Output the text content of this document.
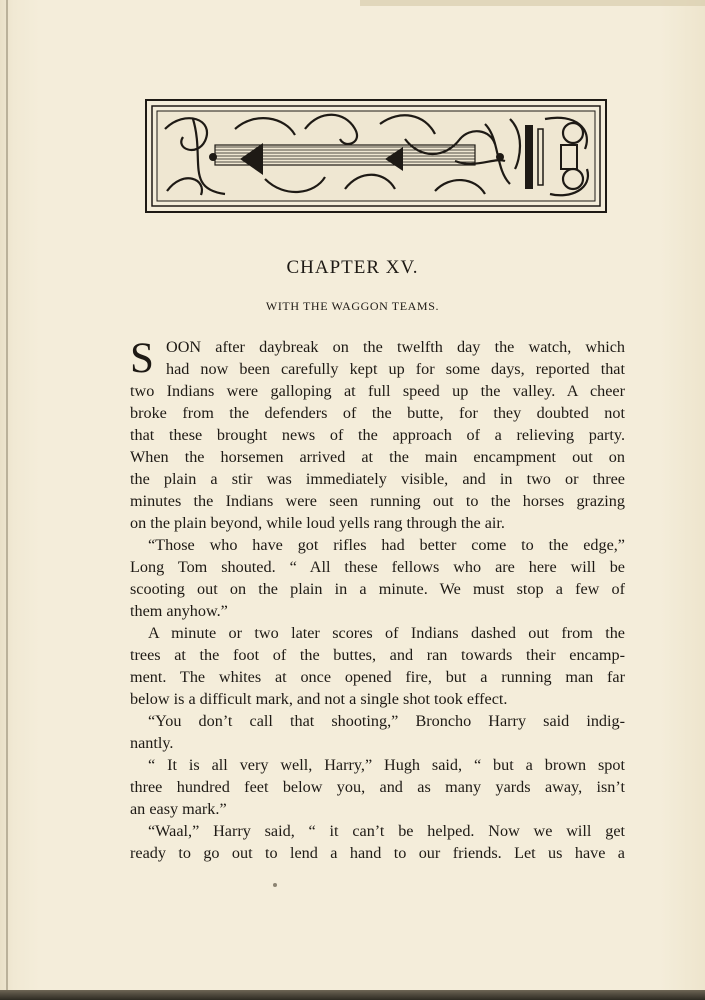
CHAPTER XV.
WITH THE WAGGON TEAMS.
S OON after daybreak on the twelfth day the watch, which
had now been carefully kept up for some days, reported that
two Indians were galloping at full speed up the valley. A cheer
broke from the defenders of the butte, for they doubted not
that these brought news of the approach of a relieving party.
When the horsemen arrived at the main encampment out on
the plain a stir was immediately visible, and in two or three
minutes the Indians were seen running out to the horses grazing
on the plain beyond, while loud yells rang through the air.
“Those who have got rifles had better come to the edge,”
Long Tom shouted. “ All these fellows who are here will be
scooting out on the plain in a minute. We must stop a few of
them anyhow.”
A minute or two later scores of Indians dashed out from the
trees at the foot of the buttes, and ran towards their encamp-
ment. The whites at once opened fire, but a running man far
below is a difficult mark, and not a single shot took effect.
“You don’t call that shooting,” Broncho Harry said indig-
nantly.
“ It is all very well, Harry,” Hugh said, “ but a brown spot
three hundred feet below you, and as many yards away, isn’t
an easy mark.”
“Waal,” Harry said, “ it can’t be helped. Now we will get
ready to go out to lend a hand to our friends. Let us have a
